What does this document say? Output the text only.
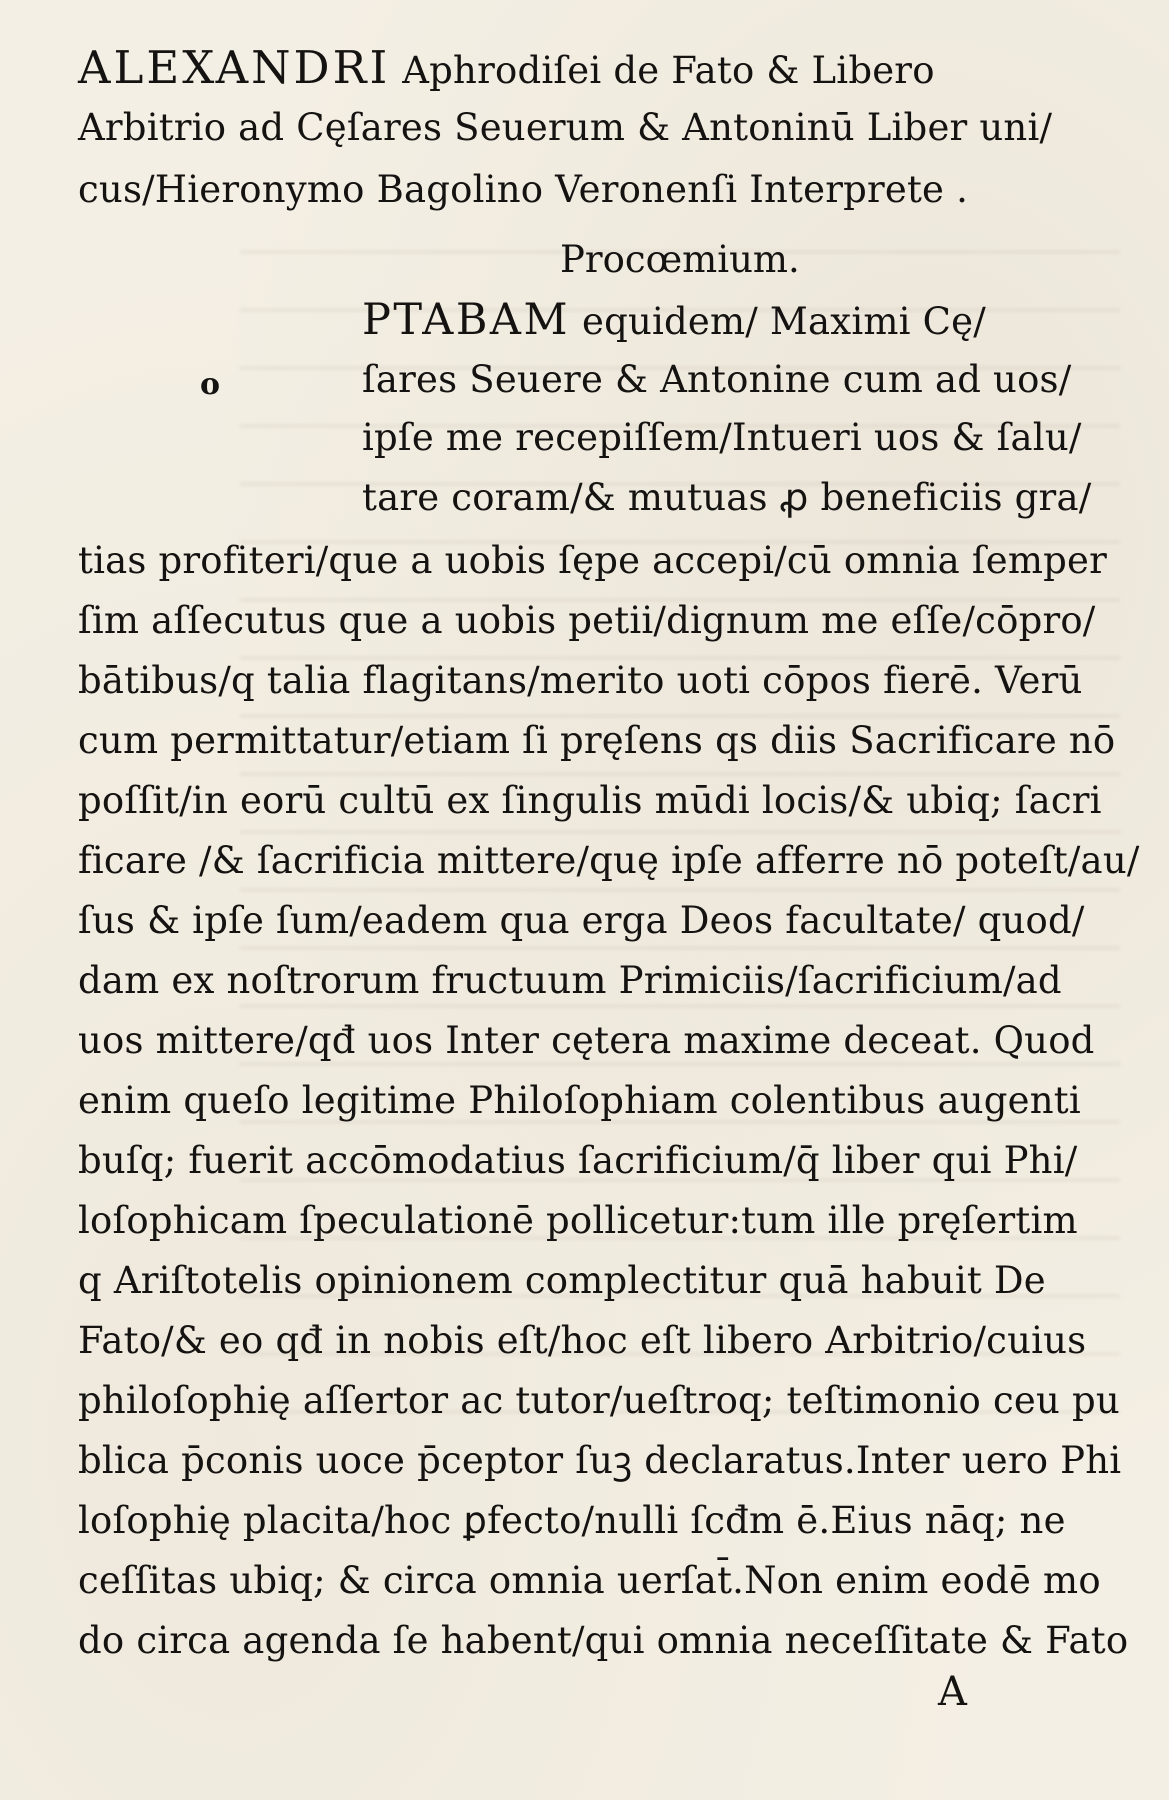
ALEXANDRI Aphrodiſei de Fato & Libero
Arbitrio ad Cęſares Seuerum & Antoninū Liber uni/
cus/Hieronymo Bagolino Veronenſi Interprete .
Procœmium.
o
PTABAM equidem/ Maximi Cę/
ſares Seuere & Antonine cum ad uos/
ipſe me recepiſſem/Intueri uos & ſalu/
tare coram/& mutuas ꝓ beneficiis gra/
tias profiteri/que a uobis ſępe accepi/cū omnia ſemper
ſim aſſecutus que a uobis petii/dignum me eſſe/cōpro/
bātibus/q talia flagitans/merito uoti cōpos fierē. Verū
cum permittatur/etiam ſi pręſens qs diis Sacrificare nō
poſſit/in eorū cultū ex ſingulis mūdi locis/& ubiq; ſacri
ficare /& ſacrificia mittere/quę ipſe afferre nō poteſt/au/
ſus & ipſe ſum/eadem qua erga Deos facultate/ quod/
dam ex noſtrorum fructuum Primiciis/ſacrificium/ad
uos mittere/qđ uos Inter cętera maxime deceat. Quod
enim queſo legitime Philoſophiam colentibus augenti
buſq; fuerit accōmodatius ſacrificium/q̄ liber qui Phi/
loſophicam ſpeculationē pollicetur:tum ille pręſertim
q Ariſtotelis opinionem complectitur quā habuit De
Fato/& eo qđ in nobis eſt/hoc eſt libero Arbitrio/cuius
philoſophię aſſertor ac tutor/ueſtroq; teſtimonio ceu pu
blica p̄conis uoce p̄ceptor ſuꝫ declaratus.Inter uero Phi
loſophię placita/hoc ꝑfecto/nulli ſcđm ē.Eius nāq; ne
ceſſitas ubiq; & circa omnia uerſat̄.Non enim eodē mo
do circa agenda ſe habent/qui omnia neceſſitate & Fato
A
